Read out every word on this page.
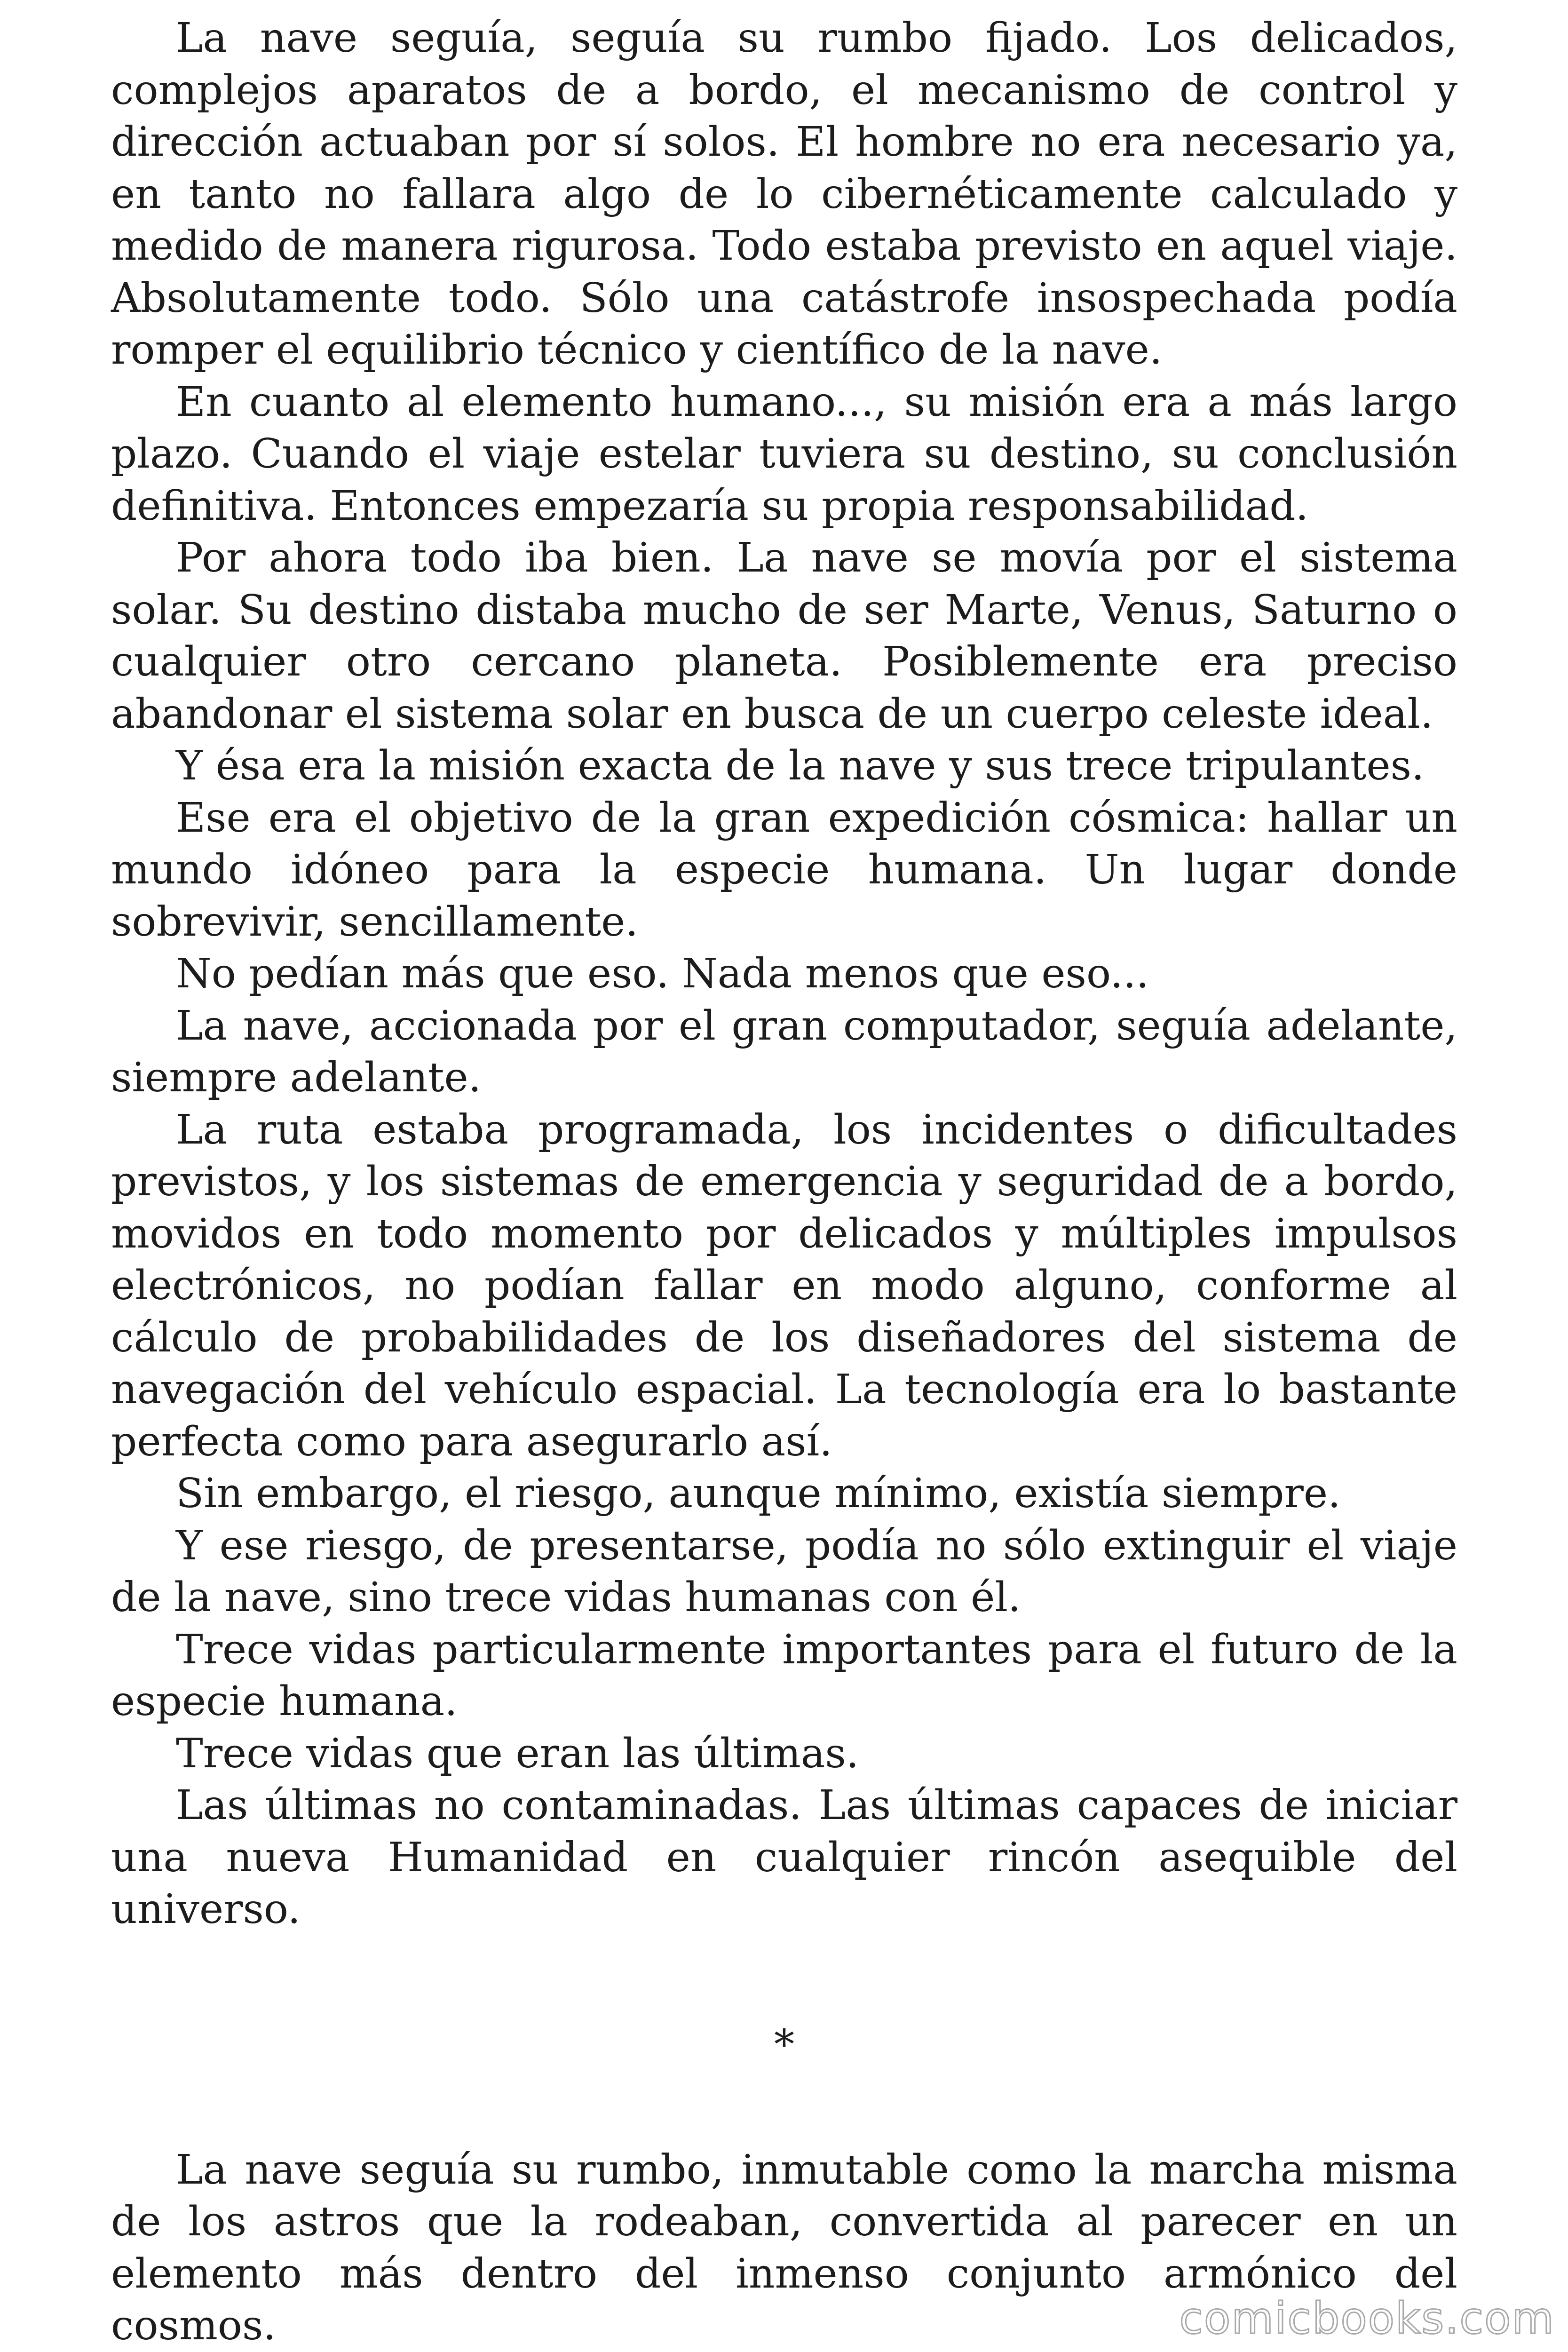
La nave seguía, seguía su rumbo fijado. Los delicados, complejos aparatos de a bordo, el mecanismo de control y dirección actuaban por sí solos. El hombre no era necesario ya, en tanto no fallara algo de lo cibernéticamente calculado y medido de manera rigurosa. Todo estaba previsto en aquel viaje. Absolutamente todo. Sólo una catástrofe insospechada podía romper el equilibrio técnico y científico de la nave.

En cuanto al elemento humano..., su misión era a más largo plazo. Cuando el viaje estelar tuviera su destino, su conclusión definitiva. Entonces empezaría su propia responsabilidad.

Por ahora todo iba bien. La nave se movía por el sistema solar. Su destino distaba mucho de ser Marte, Venus, Saturno o cualquier otro cercano planeta. Posiblemente era preciso abandonar el sistema solar en busca de un cuerpo celeste ideal.

Y ésa era la misión exacta de la nave y sus trece tripulantes.

Ese era el objetivo de la gran expedición cósmica: hallar un mundo idóneo para la especie humana. Un lugar donde sobrevivir, sencillamente.

No pedían más que eso. Nada menos que eso...

La nave, accionada por el gran computador, seguía adelante, siempre adelante.

La ruta estaba programada, los incidentes o dificultades previstos, y los sistemas de emergencia y seguridad de a bordo, movidos en todo momento por delicados y múltiples impulsos electrónicos, no podían fallar en modo alguno, conforme al cálculo de probabilidades de los diseñadores del sistema de navegación del vehículo espacial. La tecnología era lo bastante perfecta como para asegurarlo así.

Sin embargo, el riesgo, aunque mínimo, existía siempre.

Y ese riesgo, de presentarse, podía no sólo extinguir el viaje de la nave, sino trece vidas humanas con él.

Trece vidas particularmente importantes para el futuro de la especie humana.

Trece vidas que eran las últimas.

Las últimas no contaminadas. Las últimas capaces de iniciar una nueva Humanidad en cualquier rincón asequible del universo.

*

La nave seguía su rumbo, inmutable como la marcha misma de los astros que la rodeaban, convertida al parecer en un elemento más dentro del inmenso conjunto armónico del cosmos.	comicbooks.com
